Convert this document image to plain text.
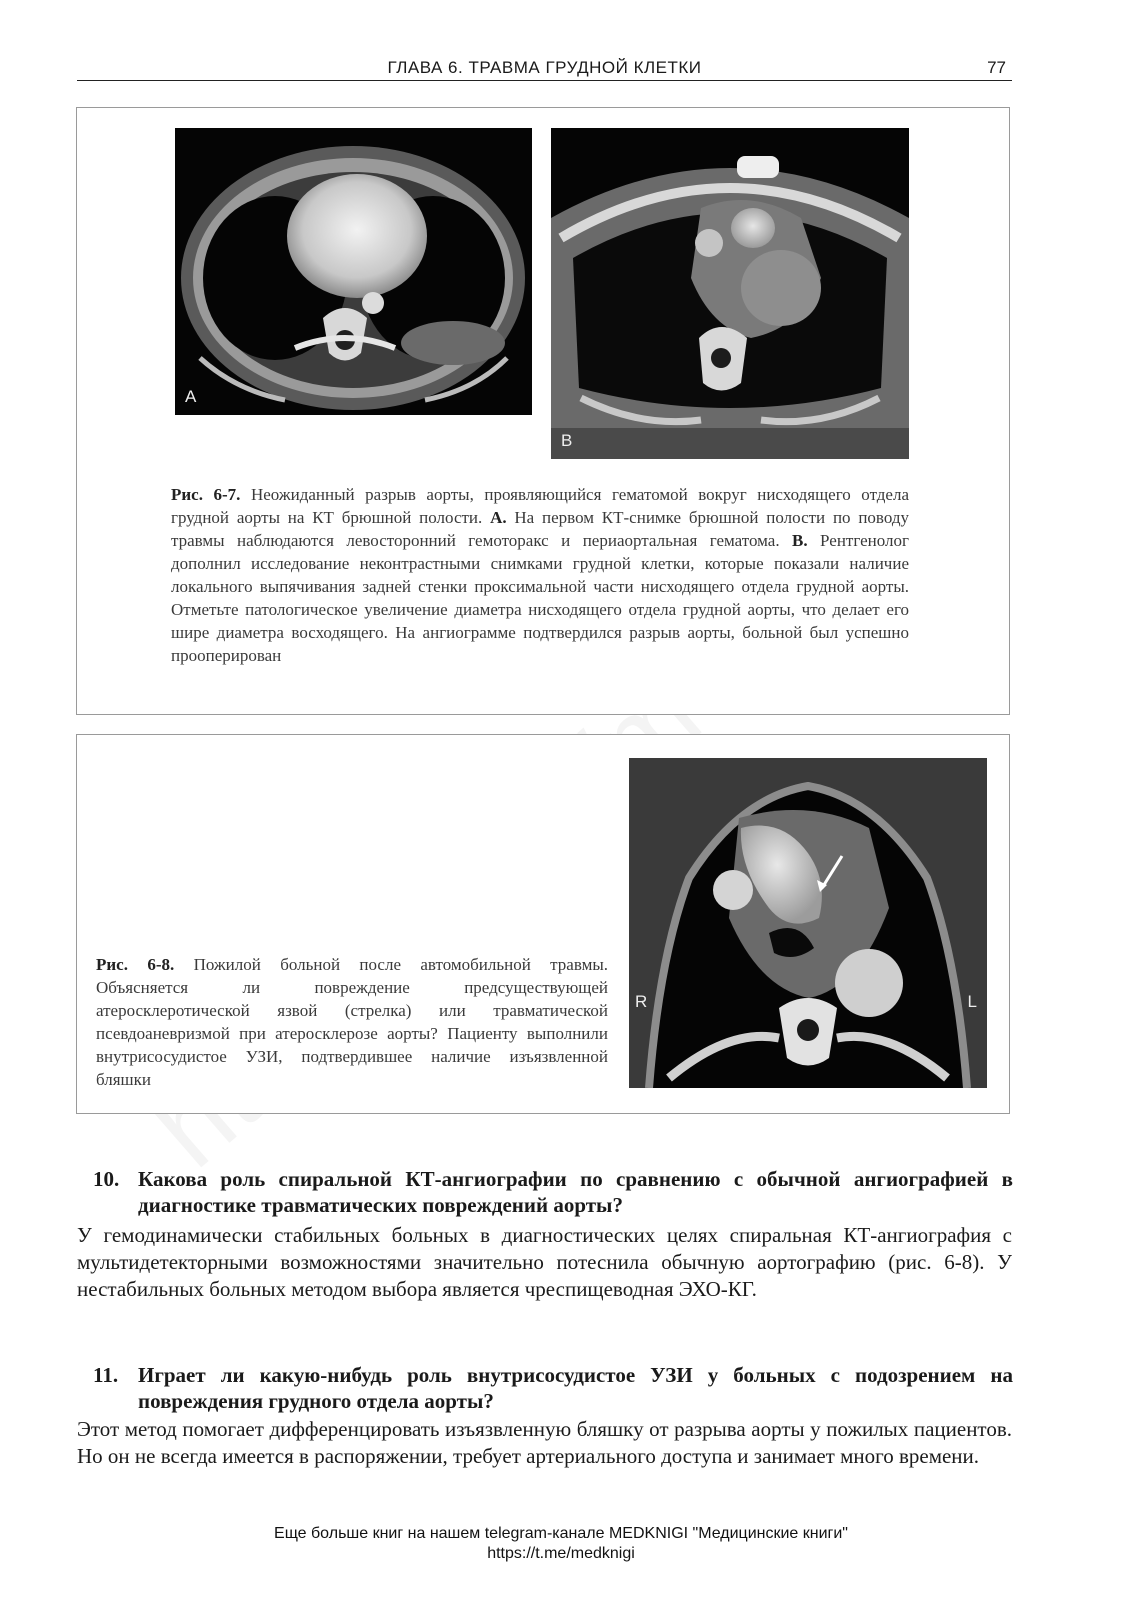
ГЛАВА 6. ТРАВМА ГРУДНОЙ КЛЕТКИ	77
A
B
Рис. 6-7. Неожиданный разрыв аорты, проявляющийся гематомой вокруг нисходящего отдела грудной аорты на КТ брюшной полости. A. На первом КТ-снимке брюшной полости по поводу травмы наблюдаются левосторонний гемоторакс и периаортальная гематома. B. Рентгенолог дополнил исследование неконтрастными снимками грудной клетки, которые показали наличие локального выпячивания задней стенки проксимальной части нисходящего отдела грудной аорты. Отметьте патологическое увеличение диаметра нисходящего отдела грудной аорты, что делает его шире диаметра восходящего. На ангиограмме подтвердился разрыв аорты, больной был успешно прооперирован
Рис. 6-8. Пожилой больной после автомобильной травмы. Объясняется ли повреждение предсуществующей атеросклеротической язвой (стрелка) или травматической псевдоаневризмой при атеросклерозе аорты? Пациенту выполнили внутрисосудистое УЗИ, подтвердившее наличие изъязвленной бляшки
R	L
10. Какова роль спиральной КТ-ангиографии по сравнению с обычной ангиографией в диагностике травматических повреждений аорты?
У гемодинамически стабильных больных в диагностических целях спиральная КТ-ангиография с мультидетекторными возможностями значительно потеснила обычную аортографию (рис. 6-8). У нестабильных больных методом выбора является чреспищеводная ЭХО-КГ.
11. Играет ли какую-нибудь роль внутрисосудистое УЗИ у больных с подозрением на повреждения грудного отдела аорты?
Этот метод помогает дифференцировать изъязвленную бляшку от разрыва аорты у пожилых пациентов. Но он не всегда имеется в распоряжении, требует артериального доступа и занимает много времени.
Еще больше книг на нашем telegram-канале MEDKNIGI "Медицинские книги"
https://t.me/medknigi
